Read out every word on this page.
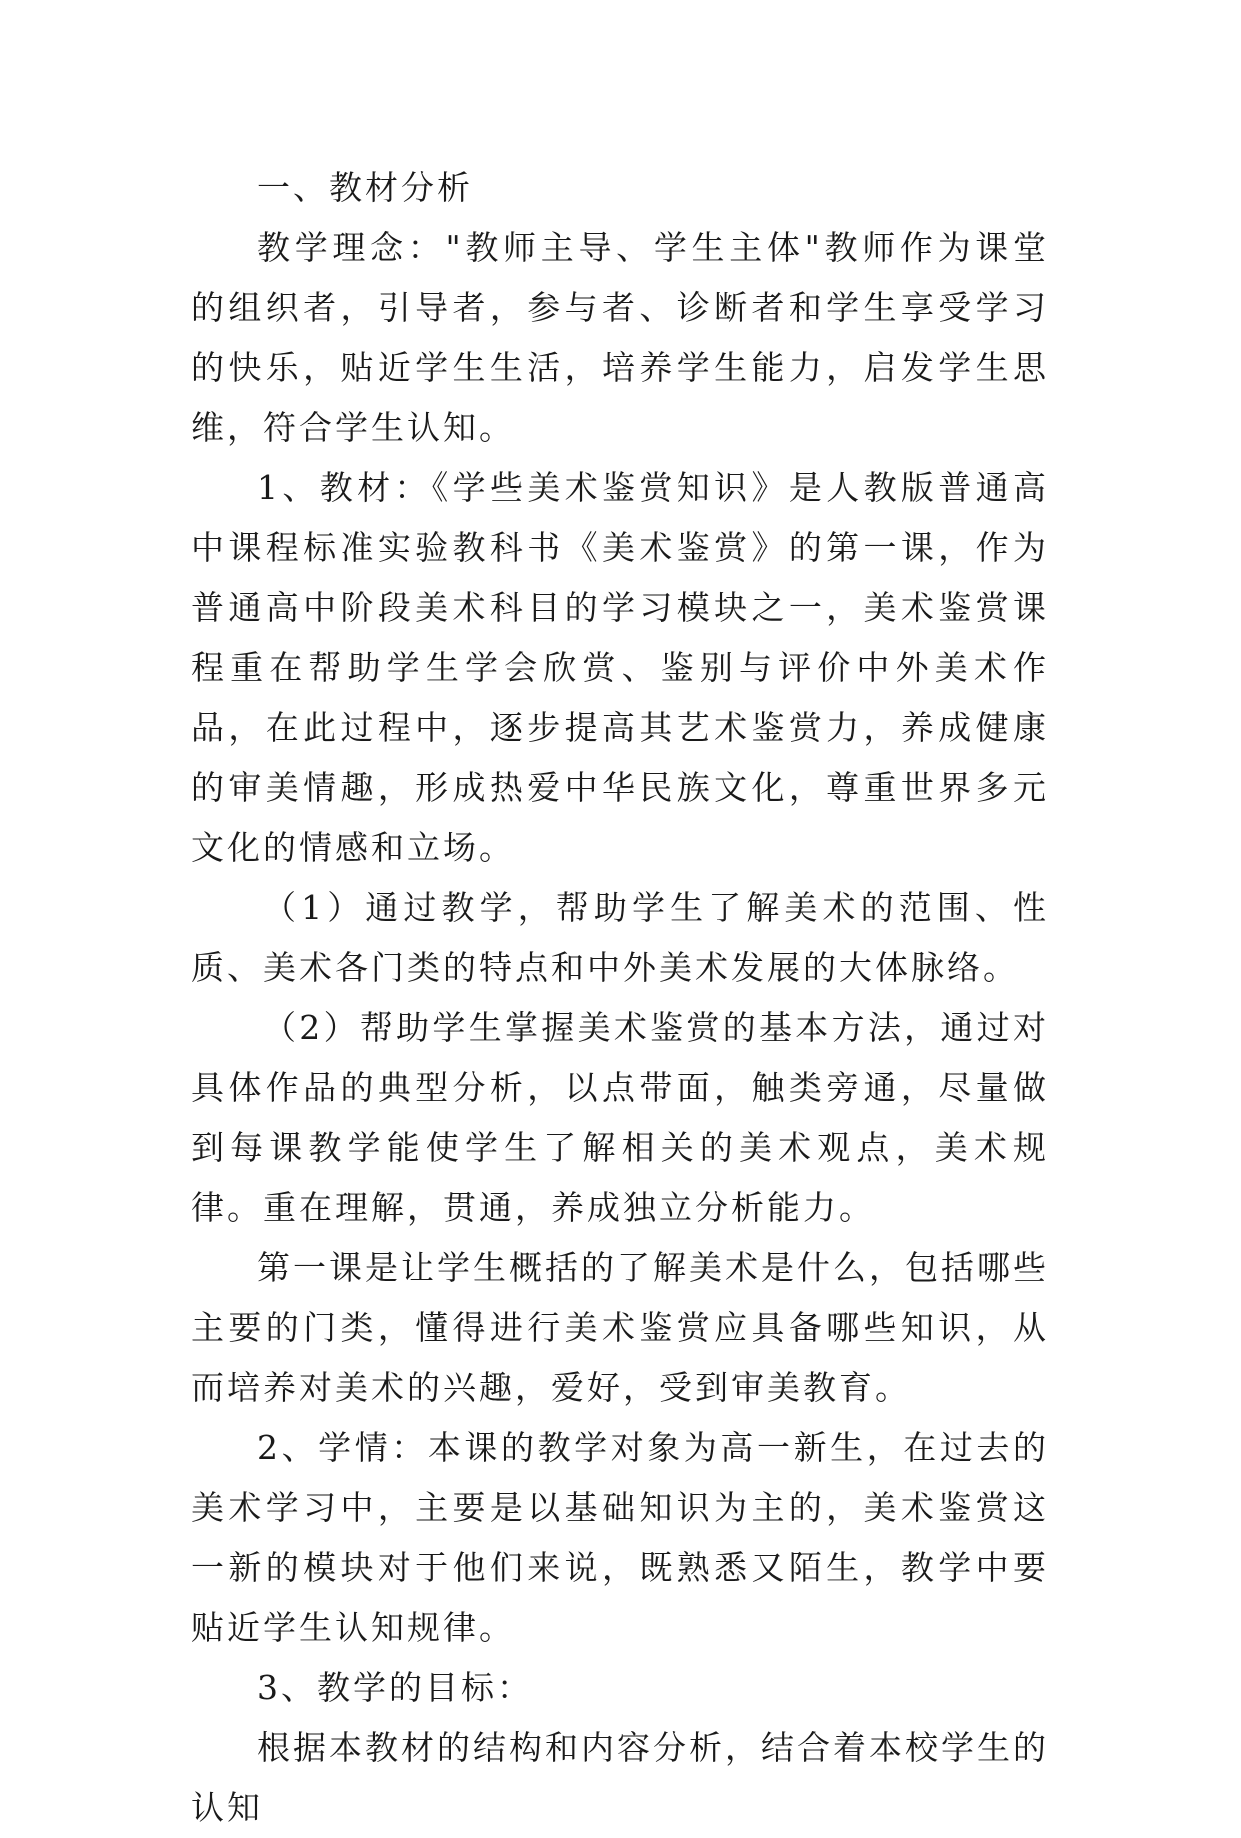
一、教材分析

教学理念："教师主导、学生主体"教师作为课堂的组织者，引导者，参与者、诊断者和学生享受学习的快乐，贴近学生生活，培养学生能力，启发学生思维，符合学生认知。

1、教材：《学些美术鉴赏知识》是人教版普通高中课程标准实验教科书《美术鉴赏》的第一课，作为普通高中阶段美术科目的学习模块之一，美术鉴赏课程重在帮助学生学会欣赏、鉴别与评价中外美术作品，在此过程中，逐步提高其艺术鉴赏力，养成健康的审美情趣，形成热爱中华民族文化，尊重世界多元文化的情感和立场。

（1）通过教学，帮助学生了解美术的范围、性质、美术各门类的特点和中外美术发展的大体脉络。

（2）帮助学生掌握美术鉴赏的基本方法，通过对具体作品的典型分析，以点带面，触类旁通，尽量做到每课教学能使学生了解相关的美术观点，美术规律。重在理解，贯通，养成独立分析能力。

第一课是让学生概括的了解美术是什么，包括哪些主要的门类，懂得进行美术鉴赏应具备哪些知识，从而培养对美术的兴趣，爱好，受到审美教育。

2、学情：本课的教学对象为高一新生，在过去的美术学习中，主要是以基础知识为主的，美术鉴赏这一新的模块对于他们来说，既熟悉又陌生，教学中要贴近学生认知规律。

3、教学的目标：

根据本教材的结构和内容分析，结合着本校学生的认知
